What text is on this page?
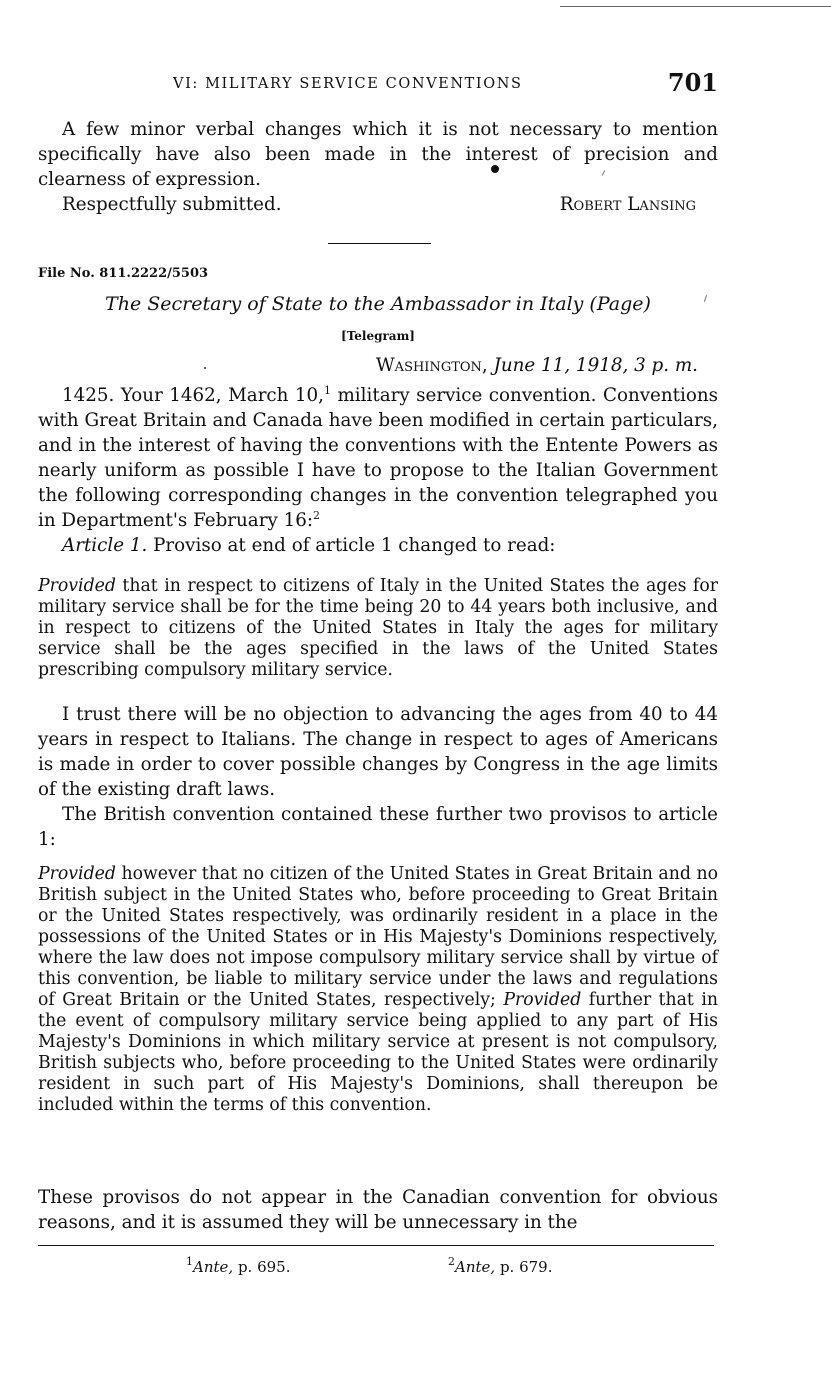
VI: MILITARY SERVICE CONVENTIONS	701

A few minor verbal changes which it is not necessary to mention specifically have also been made in the interest of precision and clearness of expression.

Respectfully submitted.	Robert Lansing
File No. 811.2222/5503
The Secretary of State to the Ambassador in Italy (Page)
[Telegram]
Washington, June 11, 1918, 3 p. m.

1425. Your 1462, March 10,$^1$ military service convention. Conventions with Great Britain and Canada have been modified in certain particulars, and in the interest of having the conventions with the Entente Powers as nearly uniform as possible I have to propose to the Italian Government the following corresponding changes in the convention telegraphed you in Department's February 16:$^2$

Article 1. Proviso at end of article 1 changed to read:

Provided that in respect to citizens of Italy in the United States the ages for military service shall be for the time being 20 to 44 years both inclusive, and in respect to citizens of the United States in Italy the ages for military service shall be the ages specified in the laws of the United States prescribing compulsory military service.

I trust there will be no objection to advancing the ages from 40 to 44 years in respect to Italians. The change in respect to ages of Americans is made in order to cover possible changes by Congress in the age limits of the existing draft laws.

The British convention contained these further two provisos to article 1:

Provided however that no citizen of the United States in Great Britain and no British subject in the United States who, before proceeding to Great Britain or the United States respectively, was ordinarily resident in a place in the possessions of the United States or in His Majesty's Dominions respectively, where the law does not impose compulsory military service shall by virtue of this convention, be liable to military service under the laws and regulations of Great Britain or the United States, respectively; Provided further that in the event of compulsory military service being applied to any part of His Majesty's Dominions in which military service at present is not compulsory, British subjects who, before proceeding to the United States were ordinarily resident in such part of His Majesty's Dominions, shall thereupon be included within the terms of this convention.

These provisos do not appear in the Canadian convention for obvious reasons, and it is assumed they will be unnecessary in the

$^1$Ante, p. 695.	$^2$Ante, p. 679.
